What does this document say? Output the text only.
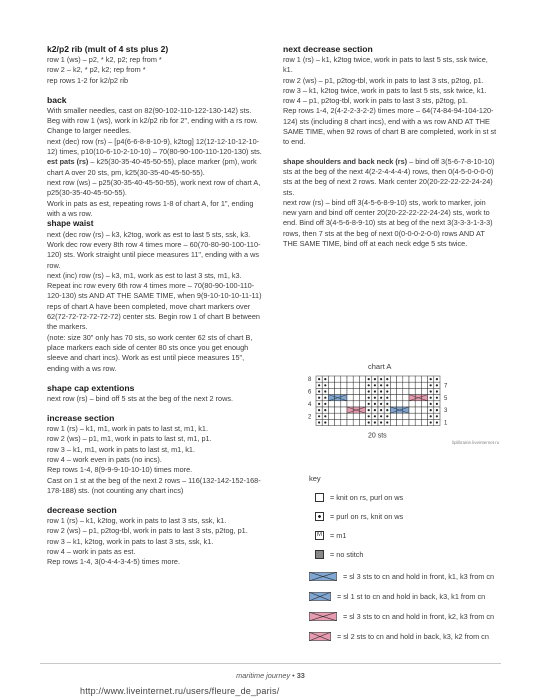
k2/p2 rib (mult of 4 sts plus 2)

row 1 (ws) – p2, * k2, p2; rep from *

row 2 – k2, * p2, k2; rep from *

rep rows 1-2 for k2/p2 rib

back

With smaller needles, cast on 82(90-102-110-122-130-142) sts. Beg with row 1 (ws), work in k2/p2 rib for 2", ending with a rs row. Change to larger needles.

next (dec) row (rs) – [p4(6-6-8-8-10-9), k2tog] 12(12-12-10-12-10-12) times, p10(10-6-10-2-10-10) – 70(80-90-100-110-120-130) sts.

est pats (rs) – k25(30-35-40-45-50-55), place marker (pm), work chart A over 20 sts, pm, k25(30-35-40-45-50-55).

next row (ws) – p25(30-35-40-45-50-55), work next row of chart A, p25(30-35-40-45-50-55).

Work in pats as est, repeating rows 1-8 of chart A, for 1", ending with a ws row.

shape waist

next (dec row (rs) – k3, k2tog, work as est to last 5 sts, ssk, k3. Work dec row every 8th row 4 times more – 60(70-80-90-100-110-120) sts. Work straight until piece measures 11", ending with a ws row.

next (inc) row (rs) – k3, m1, work as est to last 3 sts, m1, k3. Repeat inc row every 6th row 4 times more – 70(80-90-100-110-120-130) sts AND AT THE SAME TIME, when 9(9-10-10-10-11-11) reps of chart A have been completed, move chart markers over 62(72-72-72-72-72-72) center sts. Begin row 1 of chart B between the markers.

(note: size 30" only has 70 sts, so work center 62 sts of chart B, place markers each side of center 80 sts once you get enough sleeve and chart incs). Work as est until piece measures 15", ending with a ws row.

shape cap extentions

next row (rs) – bind off 5 sts at the beg of the next 2 rows.

increase section

row 1 (rs) – k1, m1, work in pats to last st, m1, k1.

row 2 (ws) – p1, m1, work in pats to last st, m1, p1.

row 3 – k1, m1, work in pats to last st, m1, k1.

row 4 – work even in pats (no incs).

Rep rows 1-4, 8(9-9-9-10-10-10) times more.

Cast on 1 st at the beg of the next 2 rows – 116(132-142-152-168-178-188) sts. (not counting any chart incs)

decrease section

row 1 (rs) – k1, k2tog, work in pats to last 3 sts, ssk, k1.

row 2 (ws) – p1, p2tog-tbl, work in pats to last 3 sts, p2tog, p1.

row 3 – k1, k2tog, work in pats to last 3 sts, ssk, k1.

row 4 – work in pats as est.

Rep rows 1-4, 3(0-4-4-3-4-5) times more.

next decrease section

row 1 (rs) – k1, k2tog twice, work in pats to last 5 sts, ssk twice, k1.

row 2 (ws) – p1, p2tog-tbl, work in pats to last 3 sts, p2tog, p1.

row 3 – k1, k2tog twice, work in pats to last 5 sts, ssk twice, k1.

row 4 – p1, p2tog-tbl, work in pats to last 3 sts, p2tog, p1.

Rep rows 1-4, 2(4-2-2-3-2-2) times more – 64(74-84-94-104-120-124) sts (including 8 chart incs), end with a ws row AND AT THE SAME TIME, when 92 rows of chart B are completed, work in st st to end.

shape shoulders and back neck (rs) – bind off 3(5-6-7-8-10-10) sts at the beg of the next 4(2-2-4-4-4-4) rows, then 0(4-5-0-0-0-0) sts at the beg of next 2 rows. Mark center 20(20-22-22-22-24-24) sts.

next row (rs) – bind off 3(4-5-6-8-9-10) sts, work to marker, join new yarn and bind off center 20(20-22-22-22-24-24) sts, work to end. Bind off 3(4-5-6-8-9-10) sts at beg of the next 3(3-3-3-1-3-3) rows, then 7 sts at the beg of next 0(0-0-0-2-0-0) rows AND AT THE SAME TIME, bind off at each neck edge 5 sts twice.

chart A
8
6
4
2
7
5
3
1
20 sts
liplibrairie.liveinternet.ru
key
= knit on rs, purl on ws
= purl on rs, knit on ws
M = m1
= no stitch
= sl 3 sts to cn and hold in front, k1, k3 from cn
= sl 1 st to cn and hold in back, k3, k1 from cn
= sl 3 sts to cn and hold in front, k2, k3 from cn
= sl 2 sts to cn and hold in back, k3, k2 from cn
maritime journey • 33
http://www.liveinternet.ru/users/fleure_de_paris/
